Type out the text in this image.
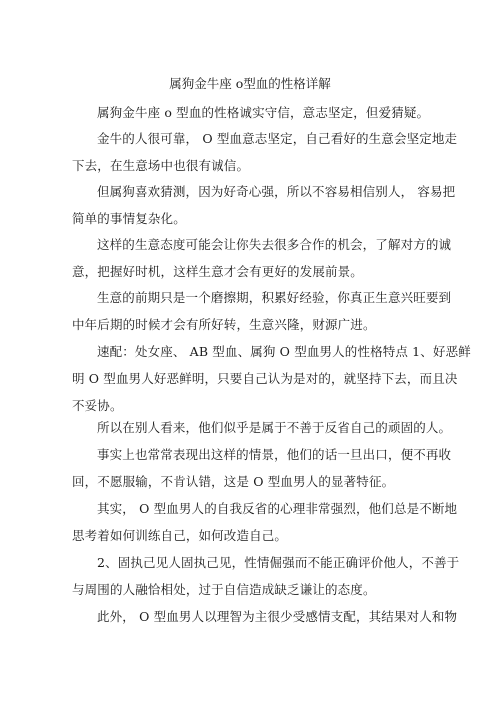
属狗金牛座 o型血的性格详解

属狗金牛座 o 型血的性格诚实守信，意志坚定，但爱猜疑。

金牛的人很可靠， O 型血意志坚定，自己看好的生意会坚定地走
下去，在生意场中也很有诚信。

但属狗喜欢猜测，因为好奇心强，所以不容易相信别人， 容易把
简单的事情复杂化。

这样的生意态度可能会让你失去很多合作的机会，了解对方的诚
意，把握好时机，这样生意才会有更好的发展前景。

生意的前期只是一个磨擦期，积累好经验，你真正生意兴旺要到
中年后期的时候才会有所好转，生意兴隆，财源广进。

速配：处女座、 AB 型血、属狗 O 型血男人的性格特点 1、好恶鲜
明 O 型血男人好恶鲜明，只要自己认为是对的，就坚持下去，而且决
不妥协。

所以在别人看来，他们似乎是属于不善于反省自己的顽固的人。

事实上也常常表现出这样的情景，他们的话一旦出口，便不再收
回，不愿服输，不肯认错，这是 O 型血男人的显著特征。

其实， O 型血男人的自我反省的心理非常强烈，他们总是不断地
思考着如何训练自己，如何改造自己。

2、固执己见人固执己见，性情倔强而不能正确评价他人，不善于
与周围的人融恰相处，过于自信造成缺乏谦让的态度。

此外， O 型血男人以理智为主很少受感情支配，其结果对人和物
